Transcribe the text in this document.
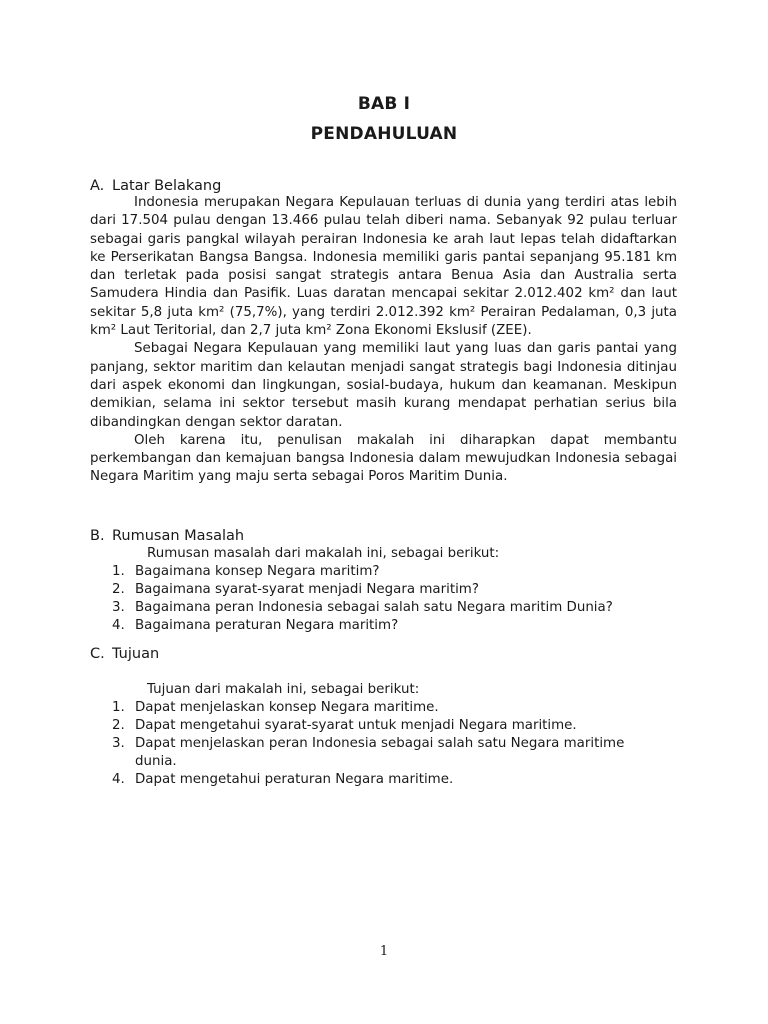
BAB I
PENDAHULUAN
A. Latar Belakang

Indonesia merupakan Negara Kepulauan terluas di dunia yang terdiri atas lebih dari 17.504 pulau dengan 13.466 pulau telah diberi nama. Sebanyak 92 pulau terluar sebagai garis pangkal wilayah perairan Indonesia ke arah laut lepas telah didaftarkan ke Perserikatan Bangsa Bangsa. Indonesia memiliki garis pantai sepanjang 95.181 km dan terletak pada posisi sangat strategis antara Benua Asia dan Australia serta Samudera Hindia dan Pasifik. Luas daratan mencapai sekitar 2.012.402 km² dan laut sekitar 5,8 juta km² (75,7%), yang terdiri 2.012.392 km² Perairan Pedalaman, 0,3 juta km² Laut Teritorial, dan 2,7 juta km² Zona Ekonomi Ekslusif (ZEE).

Sebagai Negara Kepulauan yang memiliki laut yang luas dan garis pantai yang panjang, sektor maritim dan kelautan menjadi sangat strategis bagi Indonesia ditinjau dari aspek ekonomi dan lingkungan, sosial-budaya, hukum dan keamanan. Meskipun demikian, selama ini sektor tersebut masih kurang mendapat perhatian serius bila dibandingkan dengan sektor daratan.

Oleh karena itu, penulisan makalah ini diharapkan dapat membantu perkembangan dan kemajuan bangsa Indonesia dalam mewujudkan Indonesia sebagai Negara Maritim yang maju serta sebagai Poros Maritim Dunia.

B. Rumusan Masalah
Rumusan masalah dari makalah ini, sebagai berikut:
1. Bagaimana konsep Negara maritim?
2. Bagaimana syarat-syarat menjadi Negara maritim?
3. Bagaimana peran Indonesia sebagai salah satu Negara maritim Dunia?
4. Bagaimana peraturan Negara maritim?
C. Tujuan
Tujuan dari makalah ini, sebagai berikut:
1. Dapat menjelaskan konsep Negara maritime.
2. Dapat mengetahui syarat-syarat untuk menjadi Negara maritime.
3. Dapat menjelaskan peran Indonesia sebagai salah satu Negara maritime dunia.
4. Dapat mengetahui peraturan Negara maritime.
1
